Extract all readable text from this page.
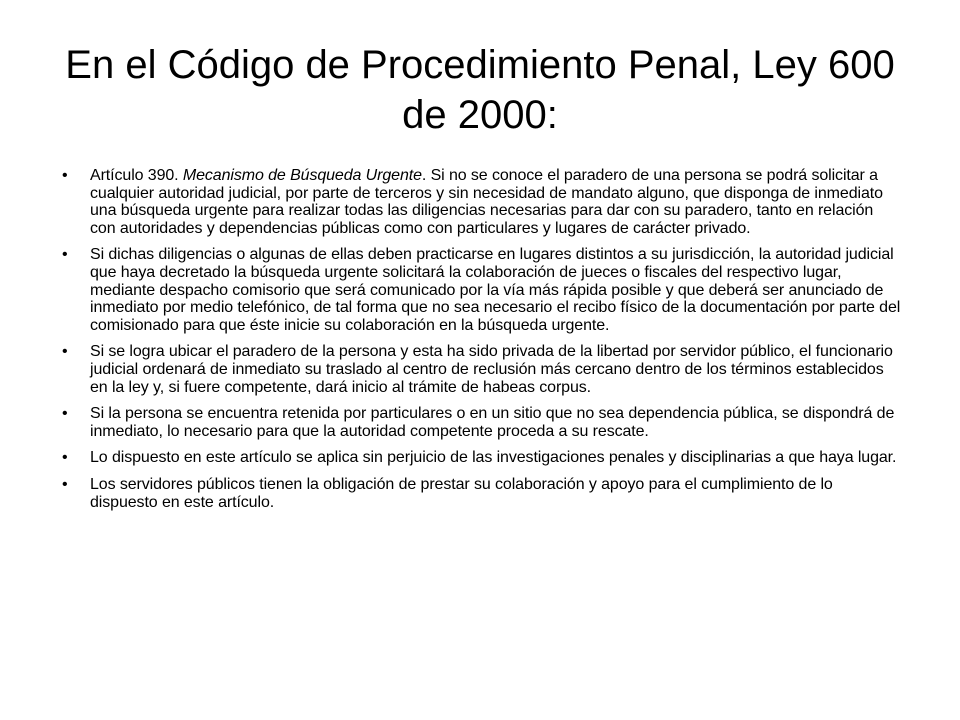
En el Código de Procedimiento Penal, Ley 600 de 2000:
• Artículo 390. Mecanismo de Búsqueda Urgente. Si no se conoce el paradero de una persona se podrá solicitar a cualquier autoridad judicial, por parte de terceros y sin necesidad de mandato alguno, que disponga de inmediato una búsqueda urgente para realizar todas las diligencias necesarias para dar con su paradero, tanto en relación con autoridades y dependencias públicas como con particulares y lugares de carácter privado.
• Si dichas diligencias o algunas de ellas deben practicarse en lugares distintos a su jurisdicción, la autoridad judicial que haya decretado la búsqueda urgente solicitará la colaboración de jueces o fiscales del respectivo lugar, mediante despacho comisorio que será comunicado por la vía más rápida posible y que deberá ser anunciado de inmediato por medio telefónico, de tal forma que no sea necesario el recibo físico de la documentación por parte del comisionado para que éste inicie su colaboración en la búsqueda urgente.
• Si se logra ubicar el paradero de la persona y esta ha sido privada de la libertad por servidor público, el funcionario judicial ordenará de inmediato su traslado al centro de reclusión más cercano dentro de los términos establecidos en la ley y, si fuere competente, dará inicio al trámite de habeas corpus.
• Si la persona se encuentra retenida por particulares o en un sitio que no sea dependencia pública, se dispondrá de inmediato, lo necesario para que la autoridad competente proceda a su rescate.
• Lo dispuesto en este artículo se aplica sin perjuicio de las investigaciones penales y disciplinarias a que haya lugar.
• Los servidores públicos tienen la obligación de prestar su colaboración y apoyo para el cumplimiento de lo dispuesto en este artículo.
